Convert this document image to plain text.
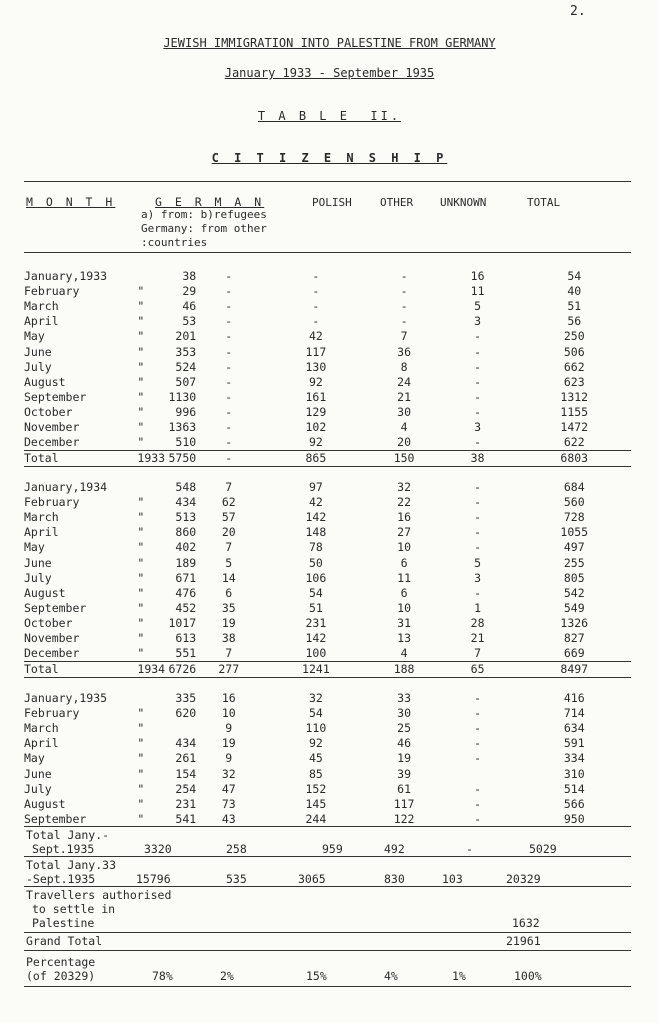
2.
JEWISH IMMIGRATION INTO PALESTINE FROM GERMANY
January 1933 - September 1935
T A B L E  II.
C I T I Z E N S H I P
M O N T H	G E R M A N
a) from: b)refugees
Germany: from other
:countries
POLISH	OTHER UNKNOWN	TOTAL
January,1933		38	-	-	-	16	54
February	"	29	-	-	-	11	40
March	"	46	-	-	-	5	51
April	"	53	-	-	-	3	56
May	"	201	-	42	7	-	250
June	"	353	-	117	36	-	506
July	"	524	-	130	8	-	662
August	"	507	-	92	24	-	623
September	"	1130	-	161	21	-	1312
October	"	996	-	129	30	-	1155
November	"	1363	-	102	4	3	1472
December	"	510	-	92	20	-	622
Total	1933	5750	-	865	150	38	6803
January,1934		548	7	97	32	-	684
February	"	434	62	42	22	-	560
March	"	513	57	142	16	-	728
April	"	860	20	148	27	-	1055
May	"	402	7	78	10	-	497
June	"	189	5	50	6	5	255
July	"	671	14	106	11	3	805
August	"	476	6	54	6	-	542
September	"	452	35	51	10	1	549
October	"	1017	19	231	31	28	1326
November	"	613	38	142	13	21	827
December	"	551	7	100	4	7	669
Total	1934	6726	277	1241	188	65	8497
January,1935		335	16	32	33	-	416
February	"	620	10	54	30	-	714
March	"		9	110	25	-	634
April	"	434	19	92	46	-	591
May	"	261	9	45	19	-	334
June	"	154	32	85	39		310
July	"	254	47	152	61	-	514
August	"	231	73	145	117	-	566
September	"	541	43	244	122	-	950
Total Jany.-
Sept.1935	3320	258	959	492	-	5029
Total Jany.33
-Sept.1935	15796	535	3065	830	103	20329
Travellers authorised
to settle in
Palestine	1632
Grand Total	21961
Percentage
(of 20329)	78%	2%	15%	4%	1%	100%
